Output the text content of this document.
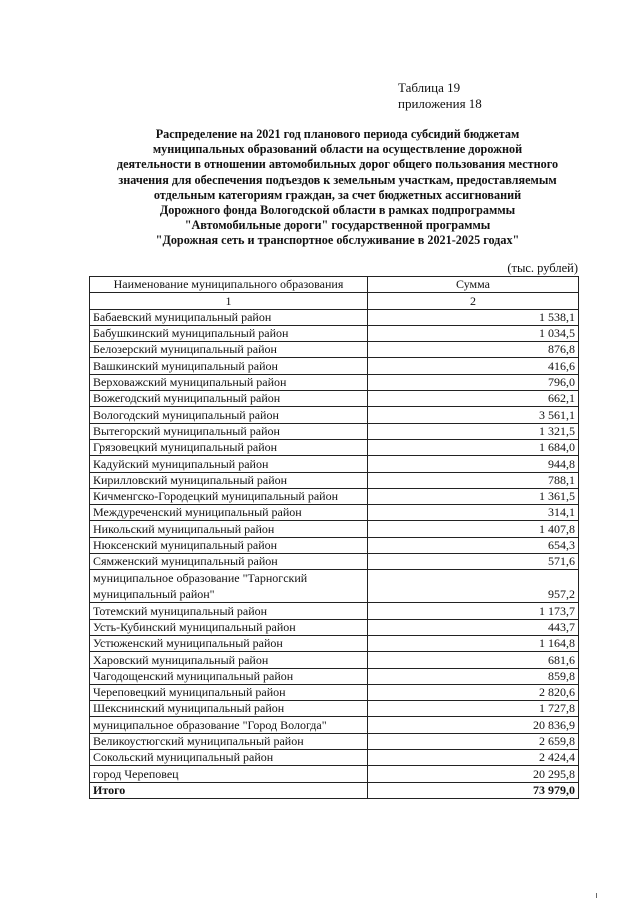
Таблица 19
приложения 18
Распределение на 2021 год планового периода субсидий бюджетам
муниципальных образований области на осуществление дорожной
деятельности в отношении автомобильных дорог общего пользования местного
значения для обеспечения подъездов к земельным участкам, предоставляемым
отдельным категориям граждан, за счет бюджетных ассигнований
Дорожного фонда Вологодской области в рамках подпрограммы
"Автомобильные дороги" государственной программы
"Дорожная сеть и транспортное обслуживание в 2021-2025 годах"
(тыс. рублей)
Наименование муниципального образования	Сумма
1	2
Бабаевский муниципальный район	1 538,1
Бабушкинский муниципальный район	1 034,5
Белозерский муниципальный район	876,8
Вашкинский муниципальный район	416,6
Верховажский муниципальный район	796,0
Вожегодский муниципальный район	662,1
Вологодский муниципальный район	3 561,1
Вытегорский муниципальный район	1 321,5
Грязовецкий муниципальный район	1 684,0
Кадуйский муниципальный район	944,8
Кирилловский муниципальный район	788,1
Кичменгско-Городецкий муниципальный район	1 361,5
Междуреченский муниципальный район	314,1
Никольский муниципальный район	1 407,8
Нюксенский муниципальный район	654,3
Сямженский муниципальный район	571,6
муниципальное образование "Тарногский муниципальный район"	957,2
Тотемский муниципальный район	1 173,7
Усть-Кубинский муниципальный район	443,7
Устюженский муниципальный район	1 164,8
Харовский муниципальный район	681,6
Чагодощенский муниципальный район	859,8
Череповецкий муниципальный район	2 820,6
Шекснинский муниципальный район	1 727,8
муниципальное образование "Город Вологда"	20 836,9
Великоустюгский муниципальный район	2 659,8
Сокольский муниципальный район	2 424,4
город Череповец	20 295,8
Итого	73 979,0
